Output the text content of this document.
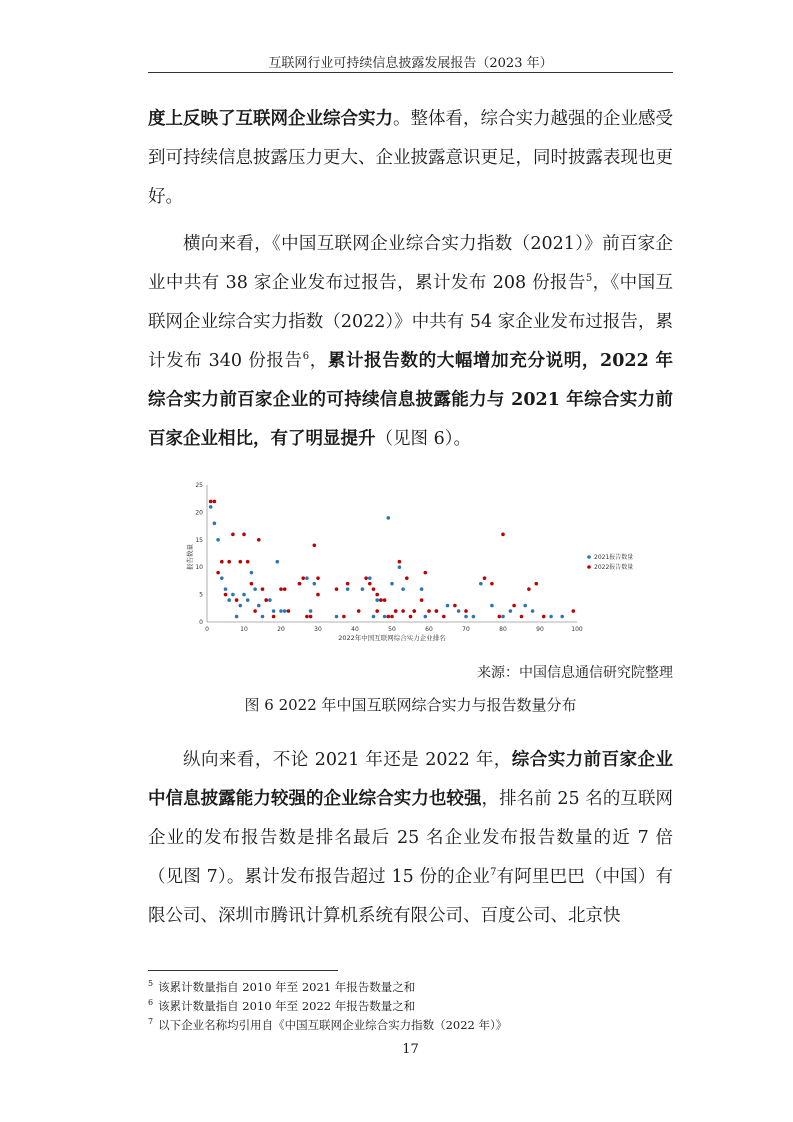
互联网行业可持续信息披露发展报告（2023 年）

度上反映了互联网企业综合实力。整体看，综合实力越强的企业感受到可持续信息披露压力更大、企业披露意识更足，同时披露表现也更好。

横向来看，《中国互联网企业综合实力指数（2021）》前百家企业中共有 38 家企业发布过报告，累计发布 208 份报告$^5$，《中国互联网企业综合实力指数（2022）》中共有 54 家企业发布过报告，累计发布 340 份报告$^6$，累计报告数的大幅增加充分说明，2022 年综合实力前百家企业的可持续信息披露能力与 2021 年综合实力前百家企业相比，有了明显提升（见图 6）。

0	10	20	30	40	50	60	70	80	90	100
0
5
10
15
20
25
2022年中国互联网综合实力企业排名
报告数量	2021报告数量
2022报告数量
来源：中国信息通信研究院整理
图 6 2022 年中国互联网综合实力与报告数量分布

纵向来看，不论 2021 年还是 2022 年，综合实力前百家企业中信息披露能力较强的企业综合实力也较强，排名前 25 名的互联网企业的发布报告数是排名最后 25 名企业发布报告数量的近 7 倍（见图 7）。累计发布报告超过 15 份的企业$^7$有阿里巴巴（中国）有限公司、深圳市腾讯计算机系统有限公司、百度公司、北京快

$^5$ 该累计数量指自 2010 年至 2021 年报告数量之和
$^6$ 该累计数量指自 2010 年至 2022 年报告数量之和
$^7$ 以下企业名称均引用自《中国互联网企业综合实力指数（2022 年）》
17
